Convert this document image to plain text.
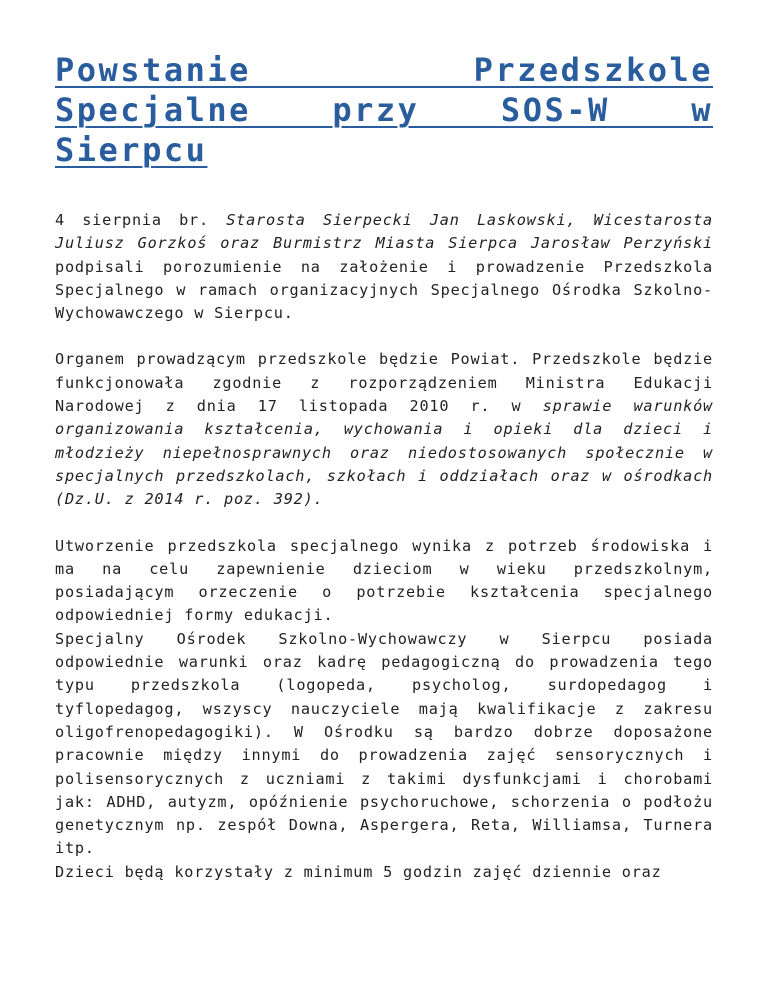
Powstanie Przedszkole
Specjalne przy SOS-W w
Sierpcu

4 sierpnia br. Starosta Sierpecki Jan Laskowski, Wicestarosta Juliusz Gorzkoś oraz Burmistrz Miasta Sierpca Jarosław Perzyński podpisali porozumienie na założenie i prowadzenie Przedszkola Specjalnego w ramach organizacyjnych Specjalnego Ośrodka Szkolno-Wychowawczego w Sierpcu.

Organem prowadzącym przedszkole będzie Powiat. Przedszkole będzie funkcjonowała zgodnie z rozporządzeniem Ministra Edukacji Narodowej z dnia 17 listopada 2010 r. w sprawie warunków organizowania kształcenia, wychowania i opieki dla dzieci i młodzieży niepełnosprawnych oraz niedostosowanych społecznie w specjalnych przedszkolach, szkołach i oddziałach oraz w ośrodkach (Dz.U. z 2014 r. poz. 392).

Utworzenie przedszkola specjalnego wynika z potrzeb środowiska i ma na celu zapewnienie dzieciom w wieku przedszkolnym, posiadającym orzeczenie o potrzebie kształcenia specjalnego odpowiedniej formy edukacji.

Specjalny Ośrodek Szkolno-Wychowawczy w Sierpcu posiada odpowiednie warunki oraz kadrę pedagogiczną do prowadzenia tego typu przedszkola (logopeda, psycholog, surdopedagog i tyflopedagog, wszyscy nauczyciele mają kwalifikacje z zakresu oligofrenopedagogiki). W Ośrodku są bardzo dobrze doposażone pracownie między innymi do prowadzenia zajęć sensorycznych i polisensorycznych z uczniami z takimi dysfunkcjami i chorobami jak: ADHD, autyzm, opóźnienie psychoruchowe, schorzenia o podłożu genetycznym np. zespół Downa, Aspergera, Reta, Williamsa, Turnera itp.

Dzieci będą korzystały z minimum 5 godzin zajęć dziennie oraz
